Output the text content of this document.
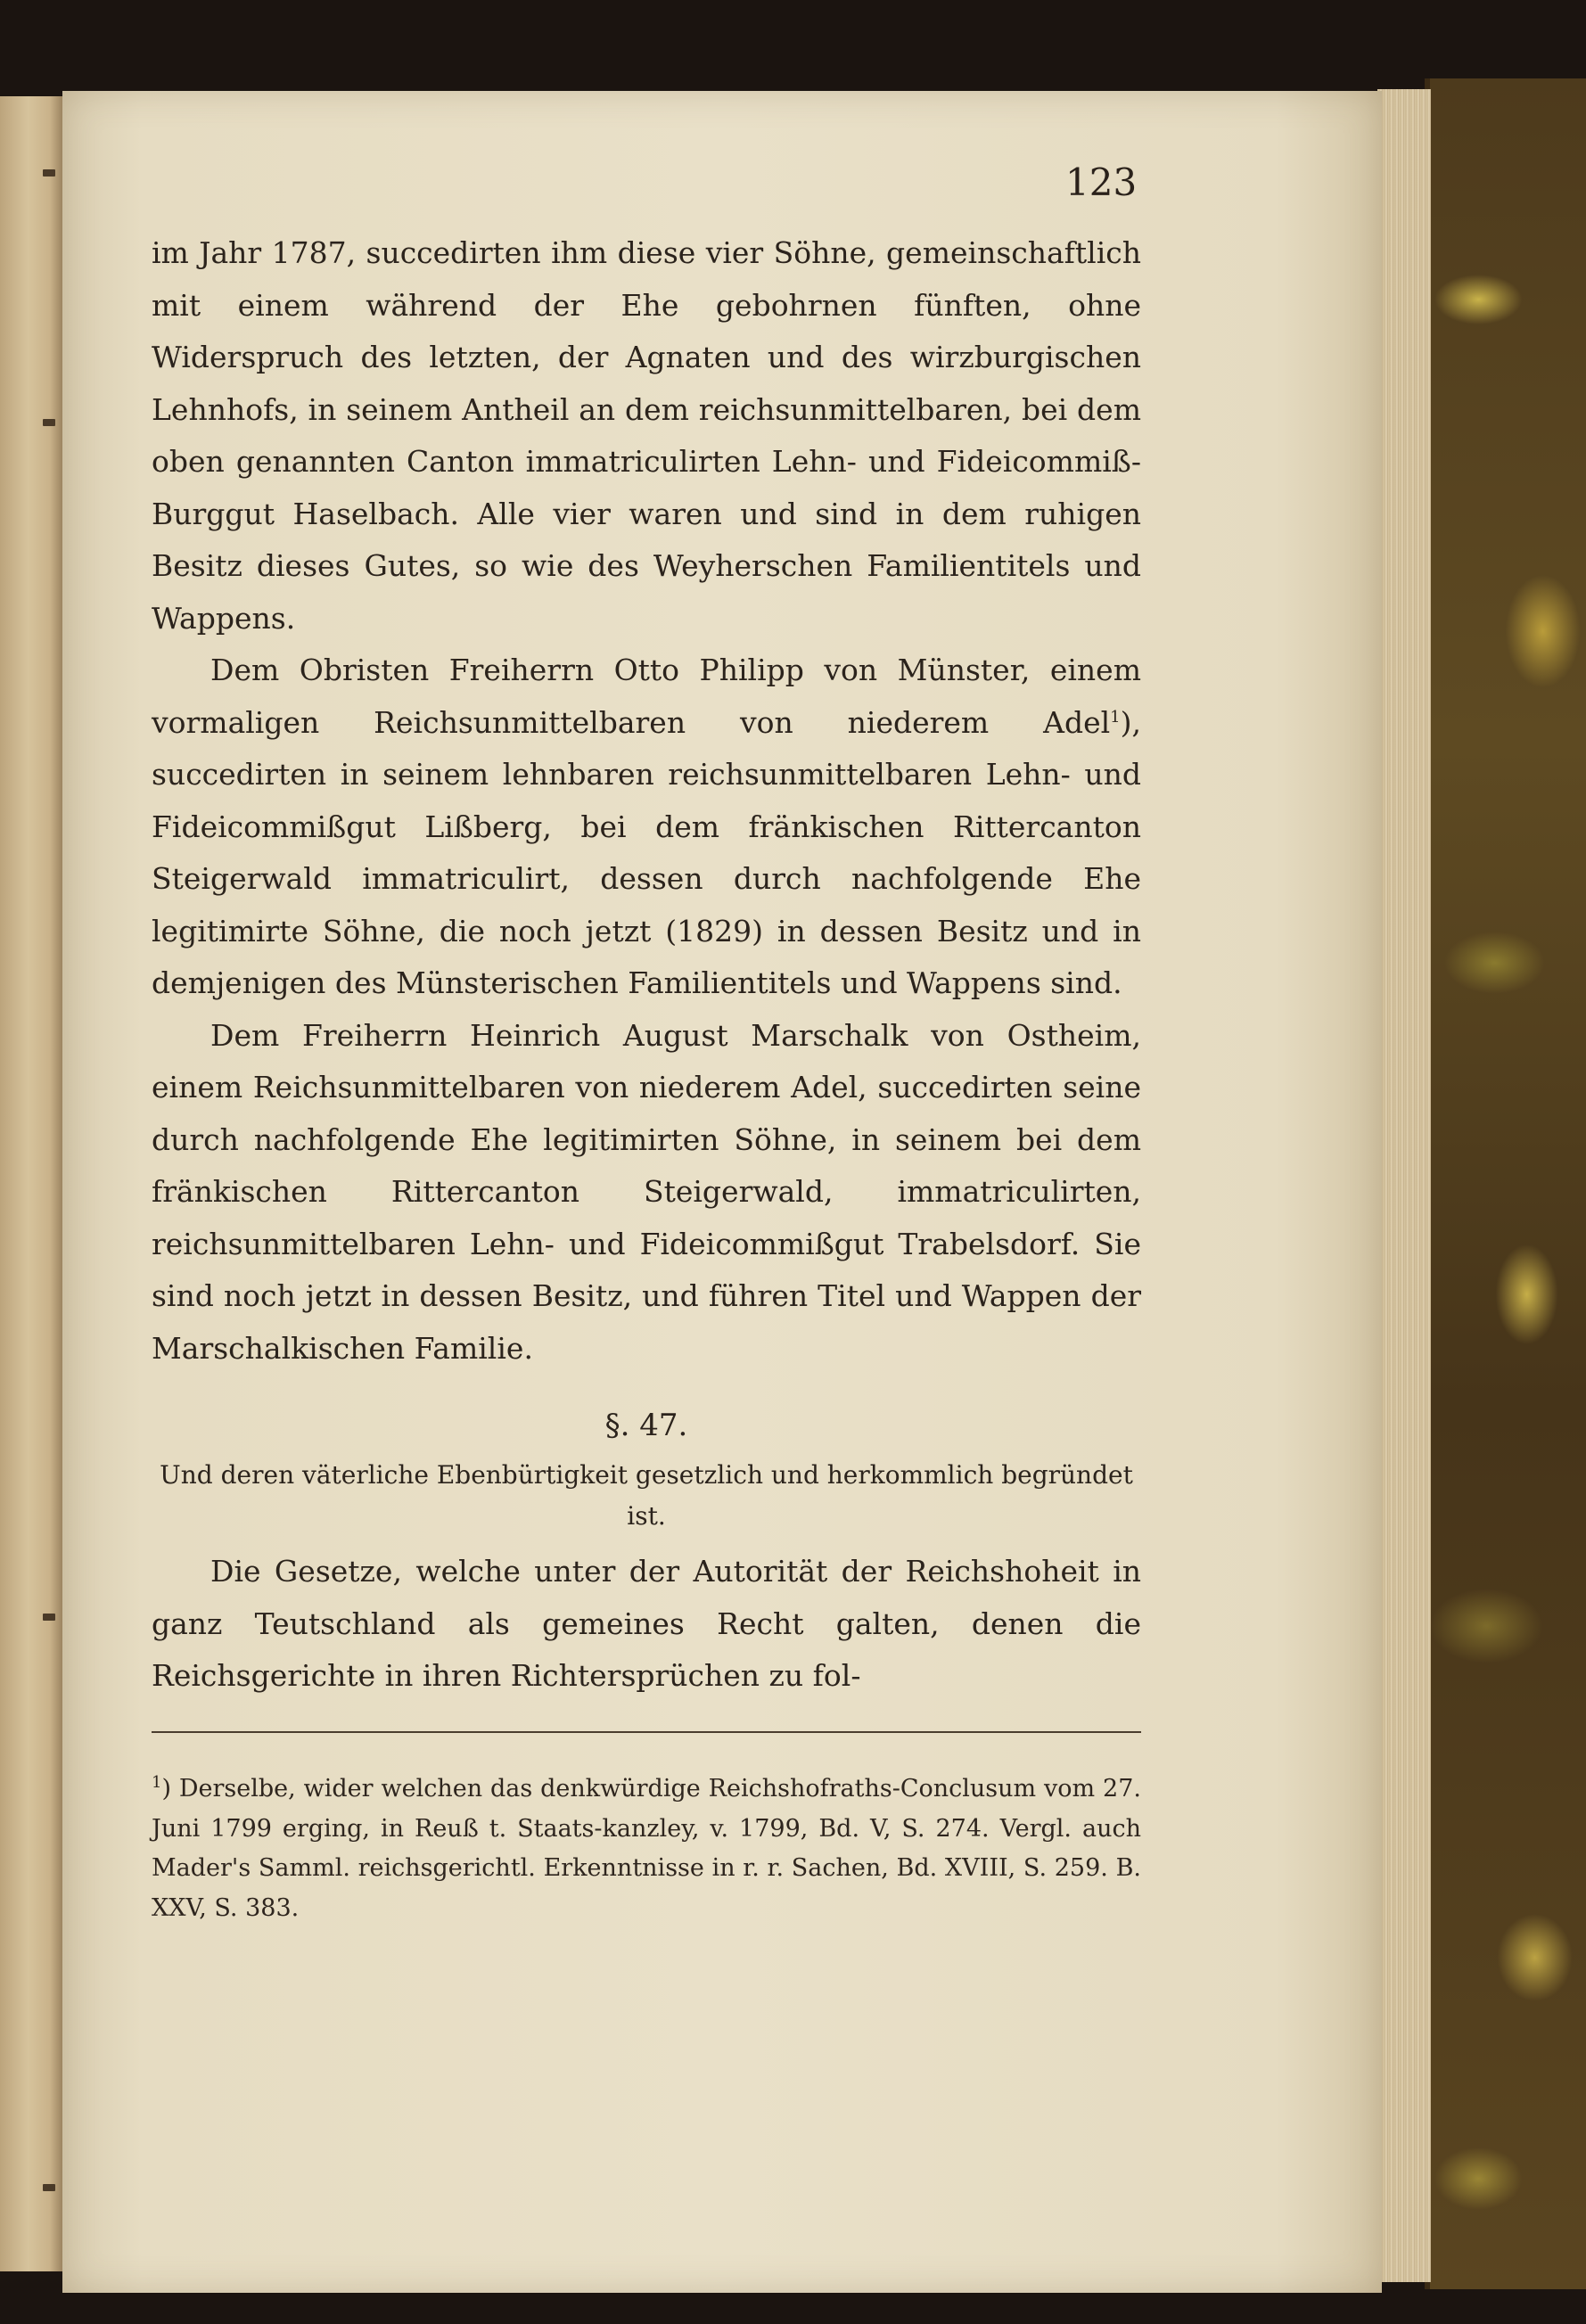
123

im Jahr 1787, succedirten ihm diese vier Söhne, gemeinschaftlich mit einem während der Ehe gebohrnen fünften, ohne Widerspruch des letzten, der Agnaten und des wirzburgischen Lehnhofs, in seinem Antheil an dem reichsunmittelbaren, bei dem oben genannten Canton immatriculirten Lehn- und Fideicommiß-Burggut Haselbach. Alle vier waren und sind in dem ruhigen Besitz dieses Gutes, so wie des Weyherschen Familientitels und Wappens.

Dem Obristen Freiherrn Otto Philipp von Münster, einem vormaligen Reichsunmittelbaren von niederem Adel$^1$), succedirten in seinem lehnbaren reichsunmittelbaren Lehn- und Fideicommißgut Lißberg, bei dem fränkischen Rittercanton Steigerwald immatriculirt, dessen durch nachfolgende Ehe legitimirte Söhne, die noch jetzt (1829) in dessen Besitz und in demjenigen des Münsterischen Familientitels und Wappens sind.

Dem Freiherrn Heinrich August Marschalk von Ostheim, einem Reichsunmittelbaren von niederem Adel, succedirten seine durch nachfolgende Ehe legitimirten Söhne, in seinem bei dem fränkischen Rittercanton Steigerwald, immatriculirten, reichsunmittelbaren Lehn- und Fideicommißgut Trabelsdorf. Sie sind noch jetzt in dessen Besitz, und führen Titel und Wappen der Marschalkischen Familie.

§. 47.

Und deren väterliche Ebenbürtigkeit gesetzlich und herkommlich begründet ist.

Die Gesetze, welche unter der Autorität der Reichshoheit in ganz Teutschland als gemeines Recht galten, denen die Reichsgerichte in ihren Richtersprüchen zu fol-

$^1$) Derselbe, wider welchen das denkwürdige Reichshofraths-Conclusum vom 27. Juni 1799 erging, in Reuß t. Staats-kanzley, v. 1799, Bd. V, S. 274. Vergl. auch Mader's Samml. reichsgerichtl. Erkenntnisse in r. r. Sachen, Bd. XVIII, S. 259. B. XXV, S. 383.
